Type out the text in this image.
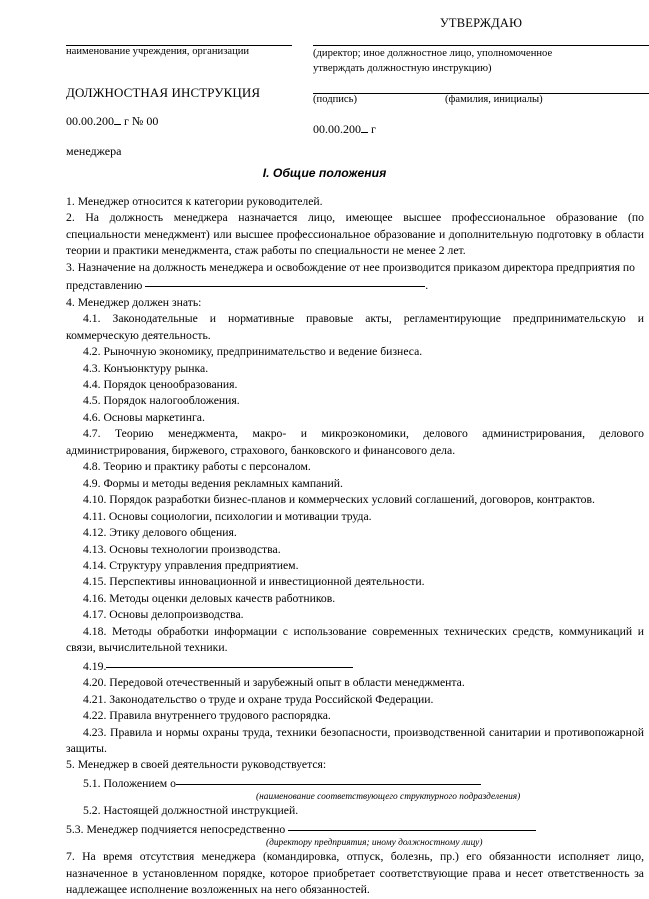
УТВЕРЖДАЮ
наименование учреждения, организации	(директор; иное должностное лицо, уполномоченное
утверждать должностную инструкцию)
ДОЛЖНОСТНАЯ ИНСТРУКЦИЯ
00.00.200 г № 00
менеджера
(подпись)	(фамилия, инициалы)
00.00.200 г
I. Общие положения

1. Менеджер относится к категории руководителей.

2. На должность менеджера назначается лицо, имеющее высшее профессиональное образование (по специальности менеджмент) или высшее профессиональное образование и дополнительную подготовку в области теории и практики менеджмента, стаж работы по специальности не менее 2 лет.

3. Назначение на должность менеджера и освобождение от нее производится приказом директора предприятия по представлению	.

4. Менеджер должен знать:

4.1. Законодательные и нормативные правовые акты, регламентирующие предпринимательскую и коммерческую деятельность.

4.2. Рыночную экономику, предпринимательство и ведение бизнеса.

4.3. Конъюнктуру рынка.

4.4. Порядок ценообразования.

4.5. Порядок налогообложения.

4.6. Основы маркетинга.

4.7. Теорию менеджмента, макро- и микроэкономики, делового администрирования, делового администрирования, биржевого, страхового, банковского и финансового дела.

4.8. Теорию и практику работы с персоналом.

4.9. Формы и методы ведения рекламных кампаний.

4.10. Порядок разработки бизнес-планов и коммерческих условий соглашений, договоров, контрактов.

4.11. Основы социологии, психологии и мотивации труда.

4.12. Этику делового общения.

4.13. Основы технологии производства.

4.14. Структуру управления предприятием.

4.15. Перспективы инновационной и инвестиционной деятельности.

4.16. Методы оценки деловых качеств работников.

4.17. Основы делопроизводства.

4.18. Методы обработки информации с использование современных технических средств, коммуникаций и связи, вычислительной техники.

4.19.

4.20. Передовой отечественный и зарубежный опыт в области менеджмента.

4.21. Законодательство о труде и охране труда Российской Федерации.

4.22. Правила внутреннего трудового распорядка.

4.23. Правила и нормы охраны труда, техники безопасности, производственной санитарии и противопожарной защиты.

5. Менеджер в своей деятельности руководствуется:

5.1. Положением о

(наименование соответствующего структурного подразделения)

5.2. Настоящей должностной инструкцией.

5.3. Менеджер подчияется непосредственно

(директору предприятия; иному должностному лицу)

7. На время отсутствия менеджера (командировка, отпуск, болезнь, пр.) его обязанности исполняет лицо, назначенное в установленном порядке, которое приобретает соответствующие права и несет ответственность за надлежащее исполнение возложенных на него обязанностей.
